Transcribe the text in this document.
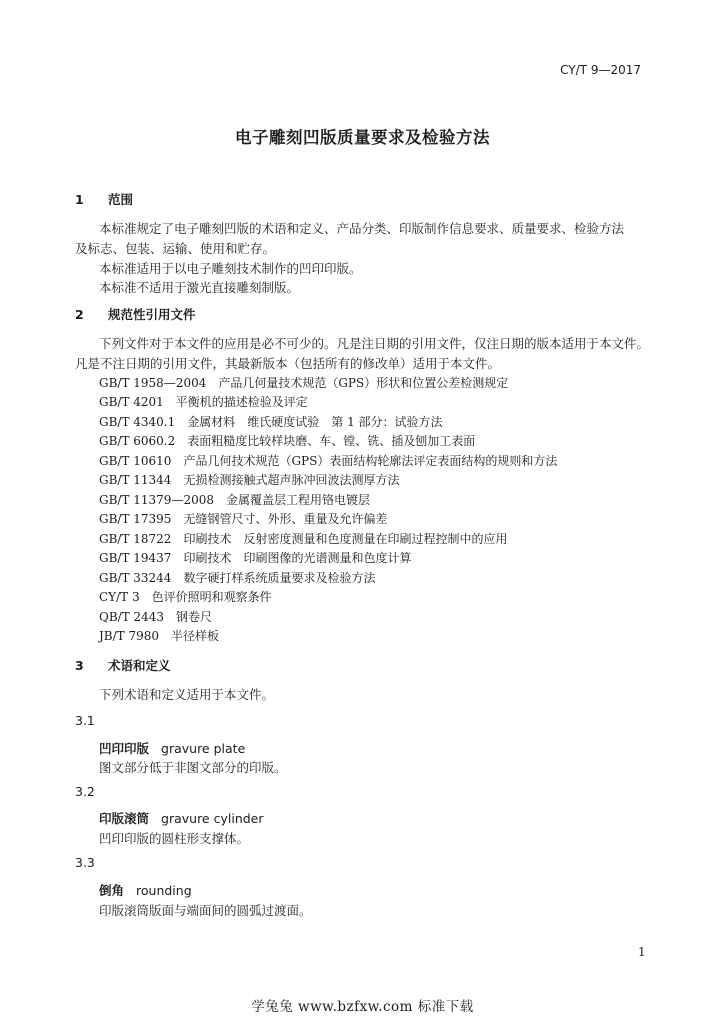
CY/T 9—2017
电子雕刻凹版质量要求及检验方法
1 范围
本标准规定了电子雕刻凹版的术语和定义、产品分类、印版制作信息要求、质量要求、检验方法
及标志、包装、运输、使用和贮存。
本标准适用于以电子雕刻技术制作的凹印印版。
本标准不适用于激光直接雕刻制版。
2 规范性引用文件
下列文件对于本文件的应用是必不可少的。凡是注日期的引用文件，仅注日期的版本适用于本文件。
凡是不注日期的引用文件，其最新版本（包括所有的修改单）适用于本文件。
GB/T 1958—2004　产品几何量技术规范（GPS）形状和位置公差检测规定
GB/T 4201　平衡机的描述检验及评定
GB/T 4340.1　金属材料　维氏硬度试验　第 1 部分：试验方法
GB/T 6060.2　表面粗糙度比较样块磨、车、镗、铣、插及刨加工表面
GB/T 10610　产品几何技术规范（GPS）表面结构轮廓法评定表面结构的规则和方法
GB/T 11344　无损检测接触式超声脉冲回波法测厚方法
GB/T 11379—2008　金属覆盖层工程用铬电镀层
GB/T 17395　无缝钢管尺寸、外形、重量及允许偏差
GB/T 18722　印刷技术　反射密度测量和色度测量在印刷过程控制中的应用
GB/T 19437　印刷技术　印刷图像的光谱测量和色度计算
GB/T 33244　数字硬打样系统质量要求及检验方法
CY/T 3　色评价照明和观察条件
QB/T 2443　钢卷尺
JB/T 7980　半径样板
3 术语和定义
下列术语和定义适用于本文件。
3.1
凹印印版 gravure plate
图文部分低于非图文部分的印版。
3.2
印版滚筒 gravure cylinder
凹印印版的圆柱形支撑体。
3.3
倒角 rounding
印版滚筒版面与端面间的圆弧过渡面。
1
学兔兔 www.bzfxw.com 标准下载
